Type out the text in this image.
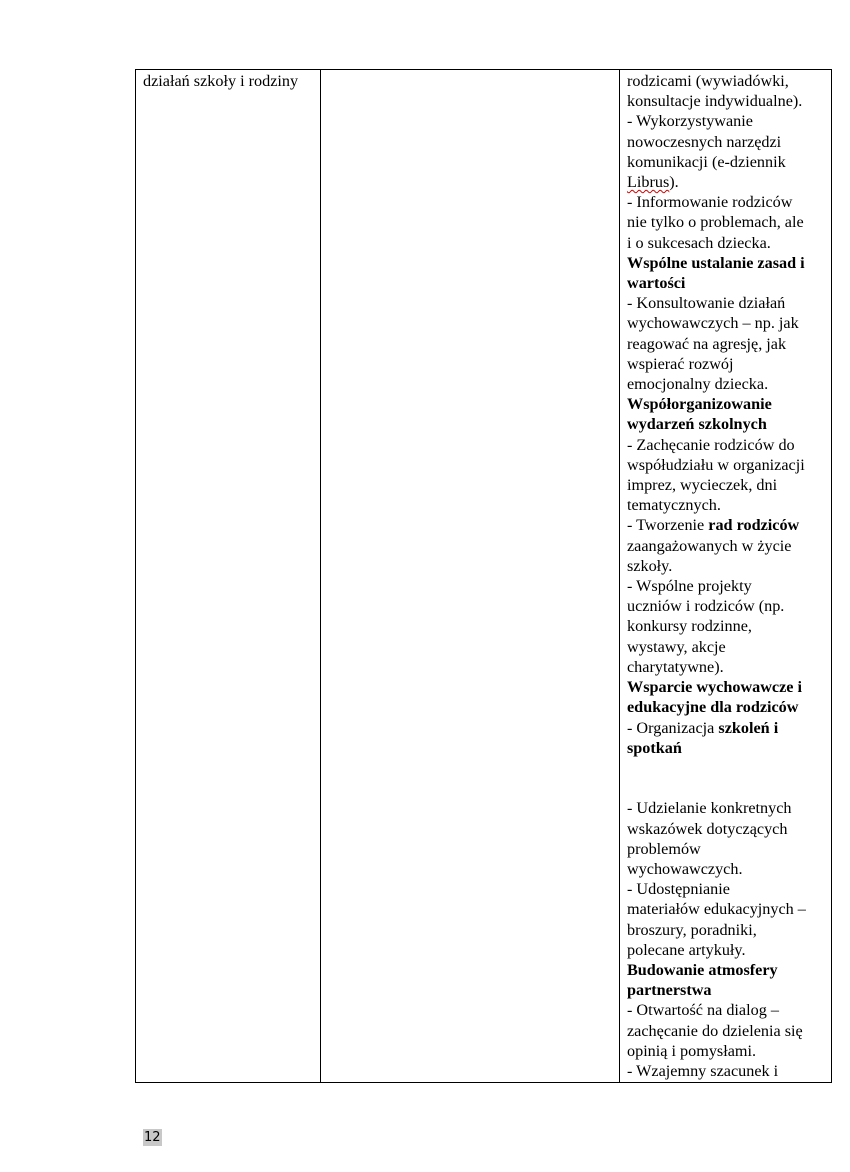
działań szkoły i rodziny		rodzicami (wywiadówki,
konsultacje indywidualne).
- Wykorzystywanie
nowoczesnych narzędzi
komunikacji (e-dziennik
Librus).
- Informowanie rodziców
nie tylko o problemach, ale
i o sukcesach dziecka.
Wspólne ustalanie zasad i
wartości
- Konsultowanie działań
wychowawczych – np. jak
reagować na agresję, jak
wspierać rozwój
emocjonalny dziecka.
Współorganizowanie
wydarzeń szkolnych
- Zachęcanie rodziców do
współudziału w organizacji
imprez, wycieczek, dni
tematycznych.
- Tworzenie rad rodziców
zaangażowanych w życie
szkoły.
- Wspólne projekty
uczniów i rodziców (np.
konkursy rodzinne,
wystawy, akcje
charytatywne).
Wsparcie wychowawcze i
edukacyjne dla rodziców
- Organizacja szkoleń i
spotkań
- Udzielanie konkretnych
wskazówek dotyczących
problemów
wychowawczych.
- Udostępnianie
materiałów edukacyjnych –
broszury, poradniki,
polecane artykuły.
Budowanie atmosfery
partnerstwa
- Otwartość na dialog –
zachęcanie do dzielenia się
opinią i pomysłami.
- Wzajemny szacunek i
12
